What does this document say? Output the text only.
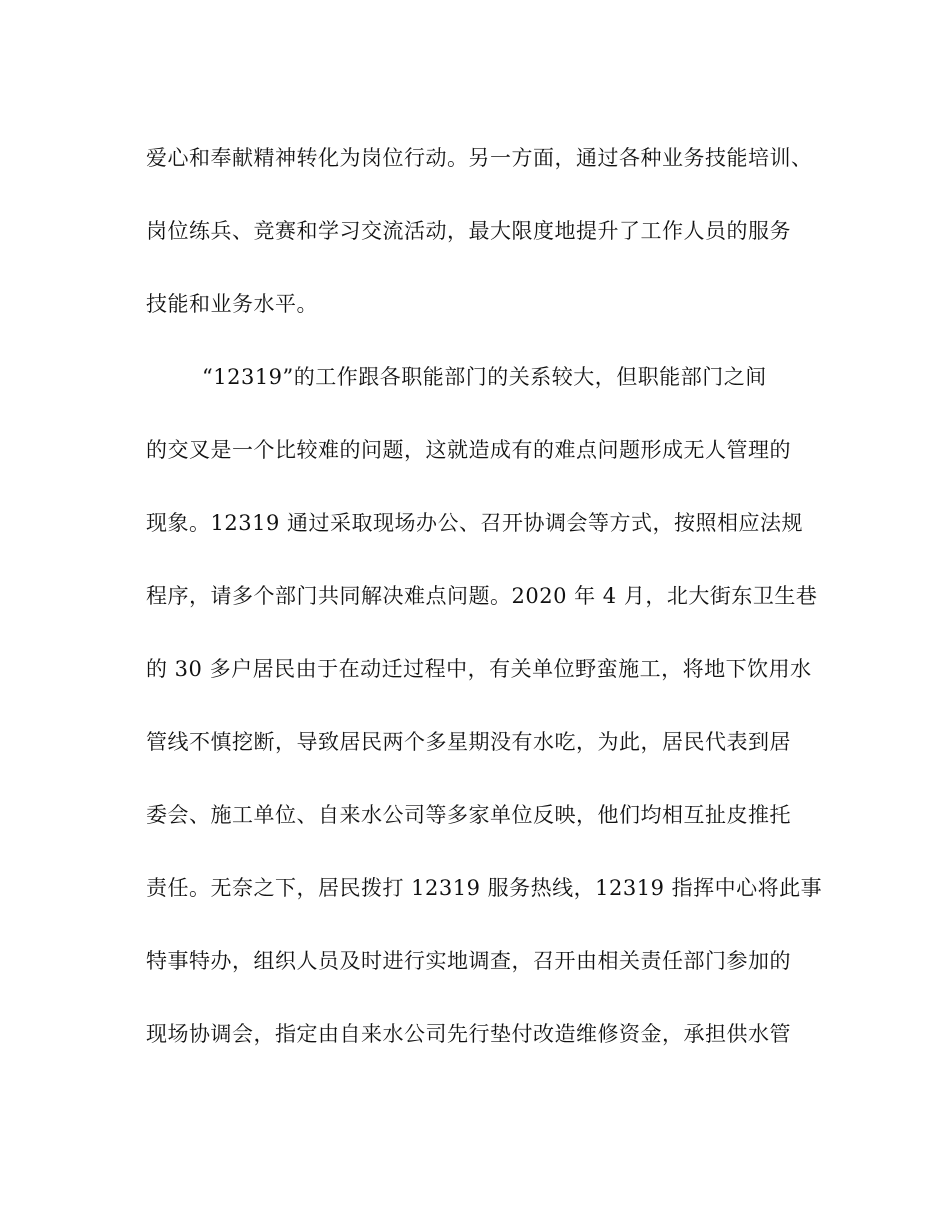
爱心和奉献精神转化为岗位行动。另一方面，通过各种业务技能培训、
岗位练兵、竞赛和学习交流活动，最大限度地提升了工作人员的服务
技能和业务水平。
“12319”的工作跟各职能部门的关系较大，但职能部门之间
的交叉是一个比较难的问题，这就造成有的难点问题形成无人管理的
现象。12319 通过采取现场办公、召开协调会等方式，按照相应法规
程序，请多个部门共同解决难点问题。2020 年 4 月，北大街东卫生巷
的 30 多户居民由于在动迁过程中，有关单位野蛮施工，将地下饮用水
管线不慎挖断，导致居民两个多星期没有水吃，为此，居民代表到居
委会、施工单位、自来水公司等多家单位反映，他们均相互扯皮推托
责任。无奈之下，居民拨打 12319 服务热线，12319 指挥中心将此事
特事特办，组织人员及时进行实地调查，召开由相关责任部门参加的
现场协调会，指定由自来水公司先行垫付改造维修资金，承担供水管
